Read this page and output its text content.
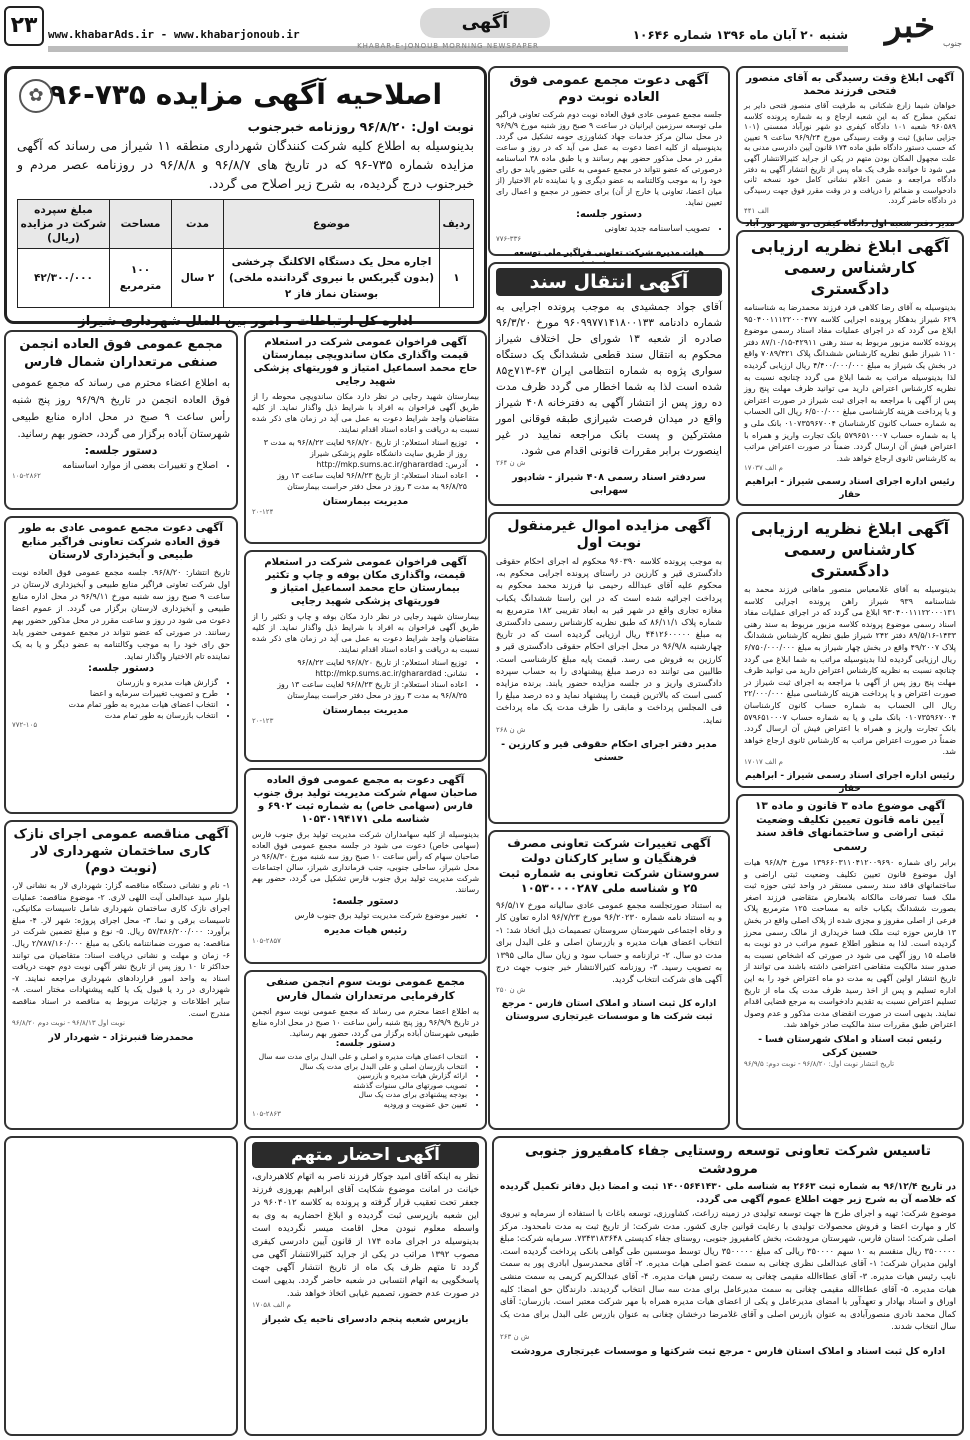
خبر جنوب
شنبه ۲۰ آبان ماه ۱۳۹۶ شماره ۱۰۶۴۶
آگهی
www.khabarAds.ir - www.khabarjonoub.ir
۲۳
KHABAR-E-JONOUB MORNING NEWSPAPER
آگهی ابلاغ وقت رسیدگی به آقای منصور فتحی فرزند محمد

خواهان شیما زارع شکنانی به طرفیت آقای منصور فتحی دایر بر تمکین مطرح که به این شعبه ارجاع و به شماره پرونده کلاسه ۹۶۰۵۸۹ شعبه ۱۰۱ دادگاه کیفری دو شهر نورآباد ممسنی (۱۰۱ جزایی سابق) ثبت و وقت رسیدگی مورخ ۹۶/۹/۲۴ ساعت ۹ تعیین که حسب دستور دادگاه طبق ماده ۱۷۴ قانون آیین دادرسی مدنی به علت مجهول المکان بودن متهم در یکی از جراید کثیرالانتشار آگهی می شود تا خوانده ظرف یک ماه پس از تاریخ انتشار آگهی به دفتر دادگاه مراجعه و ضمن اعلام نشانی کامل خود نسخه ثانی دادخواست و ضمائم را دریافت و در وقت مقرر فوق جهت رسیدگی در دادگاه حاضر گردد.

۴۴۱ الف
مدیر دفتر شعبه اول دادگاه کیفری دو شهر نور آباد
آگهی ابلاغ نظریه ارزیابی کارشناس رسمی دادگستری

بدینوسیله به آقای رضا کلاهی فرد فرزند محمدرضا به شناسنامه ۶۲۹ شیراز بدهکار پرونده اجرایی کلاسه ۹۵۰۴۰۰۱۱۱۲۲۰۰۰۴۷۷ ابلاغ می گردد که در اجرای عملیات مفاد اسناد رسمی موضوع پرونده کلاسه مزبور مربوط به سند رهنی ۴۲۹۱۱-۸۷/۱۰/۱۵ دفتر ۱۱۰ شیراز طبق نظریه کارشناس ششدانگ پلاک ۷۰۸۹/۴۲۱ واقع در بخش یک شیراز به مبلغ ۴/۴۰۰/۰۰۰/۰۰۰ ریال ارزیابی گردیده لذا بدینوسیله مراتب به شما ابلاغ می گردد چنانچه نسبت به نظریه کارشناس اعتراض دارید می توانید ظرف مهلت پنج روز پس از آگهی با مراجعه به اجرای ثبت شیراز در صورت اعتراض و یا پرداخت هزینه کارشناسی مبلغ ۶/۵۰۰/۰۰۰ ریال الی الحساب به شماره حساب کانون کارشناسان ۰۱۰۷۳۵۹۶۷۰۰۴ بانک ملی و یا به شماره حساب ۵۷۹۶۵۱۰۰۰۷ بانک تجارت واریز و همراه با اعتراض فیش آن ارسال گردد. ضمناً در صورت اعتراض مراتب به کارشناس ثانوی ارجاع خواهد شد.

۱۷۰۳۷ م الف
رئیس اداره اجرای اسناد رسمی شیراز - ابراهیم حقار
آگهی ابلاغ نظریه ارزیابی کارشناس رسمی دادگستری

بدینوسیله به آقای غلامعباس منصور ماهانی فرزند محمد به شناسنامه ۹۳۹ شیراز راهن پرونده اجرایی کلاسه ۹۳۰۴۰۰۱۱۱۲۲۰۰۰۱۳۱ ابلاغ می گردد که در اجرای عملیات مفاد اسناد رسمی موضوع پرونده کلاسه مزبور مربوط به سند رهنی ۱۴۳۳-۸۹/۵/۱۶ دفتر ۲۴۲ شیراز طبق نظریه کارشناس ششدانگ پلاک ۴۹/۲۰۰۷ واقع در بخش چهار شیراز به مبلغ ۶/۷۵۰/۰۰۰/۰۰۰ ریال ارزیابی گردیده لذا بدینوسیله مراتب به شما ابلاغ می گردد چنانچه نسبت به نظریه کارشناس اعتراض دارید می توانید ظرف مهلت پنج روز پس از آگهی با مراجعه به اجرای ثبت شیراز در صورت اعتراض و یا پرداخت هزینه کارشناسی مبلغ ۲۲/۰۰۰/۰۰۰ ریال الی الحساب به شماره حساب کانون کارشناسان ۰۱۰۷۳۵۹۶۷۰۰۴ بانک ملی و یا به شماره حساب ۵۷۹۶۵۱۰۰۰۷ بانک تجارت واریز و همراه با اعتراض فیش آن ارسال گردد. ضمناً در صورت اعتراض مراتب به کارشناس ثانوی ارجاع خواهد شد.

۱۷۰۱۷ م الف
رئیس اداره اجرای اسناد رسمی شیراز - ابراهیم حقار
آگهی موضوع ماده ۳ قانون و ماده ۱۳ آیین نامه قانون تعیین تکلیف وضعیت ثبتی اراضی و ساختمانهای فاقد سند رسمی

برابر رای شماره ۱۳۹۶۶۰۳۱۱۰۴۱۲۰۰۹۶۹۰ مورخ ۹۶/۸/۴ هیات اول موضوع قانون تعیین تکلیف وضعیت ثبتی اراضی و ساختمانهای فاقد سند رسمی مستقر در واحد ثبتی حوزه ثبت ملک فسا تصرفات مالکانه بلامعارض متقاضی فرزند اصغر بصورت ششدانگ یکباب خانه به مساحت ۱۲۵ مترمربع پلاک فرعی از اصلی مفروز و مجزی شده از پلاک اصلی واقع در بخش ۱۳ فارس حوزه ثبت ملک فسا خریداری از مالک رسمی محرز گردیده است. لذا به منظور اطلاع عموم مراتب در دو نوبت به فاصله ۱۵ روز آگهی می شود در صورتی که اشخاص نسبت به صدور سند مالکیت متقاضی اعتراضی داشته باشند می توانند از تاریخ انتشار اولین آگهی به مدت دو ماه اعتراض خود را به این اداره تسلیم و پس از اخذ رسید ظرف مدت یک ماه از تاریخ تسلیم اعتراض نسبت به تقدیم دادخواست به مرجع قضایی اقدام نمایند. بدیهی است در صورت انقضای مدت مذکور و عدم وصول اعتراض طبق مقررات سند مالکیت صادر خواهد شد.

رئیس ثبت اسناد و املاک شهرستان فسا - حسین کرکی
تاریخ انتشار نوبت اول: ۹۶/۸/۲۰ - نوبت دوم: ۹۶/۹/۵
آگهی دعوت مجمع عمومی فوق العاده نوبت دوم

جلسه مجمع عمومی عادی فوق العاده نوبت دوم شرکت تعاونی فراگیر ملی توسعه سرزمین ایرانیان در ساعت ۹ صبح روز شنبه مورخ ۹۶/۹/۹ در محل سالن مرکز خدمات جهاد کشاورزی حومه تشکیل می گردد. بدینوسیله از کلیه اعضا دعوت به عمل می آید که در روز و ساعت مقرر در محل مذکور حضور بهم رسانند و یا طبق ماده ۳۸ اساسنامه درصورتی که عضو نتواند در مجمع عمومی به علتی حضور یابد حق رای خود را به موجب وکالتنامه به عضو دیگری و یا نماینده تام الاختیار (از میان اعضا، تعاونی یا خارج از آن) برای حضور در مجمع و اعمال رای تعیین نماید.

دستور جلسه:
• تصویب اساسنامه جدید تعاونی
۷۷۶-۳۳۶
هیات مدیره شرکت تعاونی فراگیر ملی توسعه
آگهی انتقال سند

آقای جواد جمشیدی به موجب پرونده اجرایی به شماره دادنامه ۹۶۰۹۹۷۷۱۴۱۸۰۰۱۳۳ مورخ ۹۶/۳/۲۰ صادره از شعبه ۱۳ شورای حل اختلاف شیراز محکوم به انتقال سند قطعی ششدانگ یک دستگاه سواری پژوه به شماره انتظامی ایران ۶۳-۷۱۳ج۸۵ شده است لذا به شما اخطار می گردد ظرف مدت ده روز پس از انتشار آگهی به دفترخانه ۴۰۸ شیراز واقع در میدان فرصت شیرازی طبقه فوقانی امور مشترکین و پست بانک مراجعه نمایید در غیر اینصورت برابر مقررات قانونی اقدام می شود.

۲۶۴ ش ن
سردفتر اسناد رسمی ۴۰۸ شیراز - شادپور سهرابی
آگهی مزایده اموال غیرمنقول نوبت اول

به موجب پرونده کلاسه ۹۶۰۳۹۰ محکوم له اجرای احکام حقوقی دادگستری قیر و کارزین در راستای پرونده اجرایی محکوم به، محکوم علیه آقای عبدالله رحیمی نیا فرزند محمد محکوم به پرداخت اجرائیه شده است که در این راستا ششدانگ یکباب مغازه تجاری واقع در شهر قیر به ابعاد تقریبی ۱۸۲ مترمربع به شماره پلاک ۸۶/۱۱/۱ که طبق نظریه کارشناس رسمی دادگستری به مبلغ ۴۴۱۲۶۰۰۰۰۰ ریال ارزیابی گردیده است که در تاریخ چهارشنبه ۹۶/۹/۸ در محل اجرای احکام حقوقی دادگستری قیر و کارزین به فروش می رسد. قیمت پایه مبلغ کارشناسی است. طالبین می توانند ده درصد مبلغ پیشنهادی را به حساب سپرده دادگستری واریز و در جلسه مزایده حضور یابند. برنده مزایده کسی است که بالاترین قیمت را پیشنهاد نماید و ده درصد مبلغ را فی المجلس پرداخت و مابقی را ظرف مدت یک ماه پرداخت نماید.

ش ن ۲۶۸
مدیر دفتر اجرای احکام حقوقی قیر و کارزین - حسنی
آگهی تغییرات شرکت تعاونی مصرف فرهنگیان و سایر کارکنان دولت سروستان شرکت تعاونی به شماره ثبت ۲۵ و شناسه ملی ۱۰۵۳۰۰۰۰۲۸۷

به استناد صورتجلسه مجمع عمومی عادی سالیانه مورخ ۹۶/۵/۱۷ و به استناد نامه شماره ۹۶/۲۰۲۳۰ مورخ ۹۶/۷/۲۳ اداره تعاون کار و رفاه اجتماعی شهرستان سروستان تصمیمات ذیل اتخاذ شد: ۱- انتخاب اعضای هیات مدیره و بازرسان اصلی و علی البدل برای مدت دو سال. ۲- ترازنامه و حساب سود و زیان سال مالی ۱۳۹۵ به تصویب رسید. ۳- روزنامه کثیرالانتشار خبر جنوب جهت درج آگهی های شرکت انتخاب گردید.

۲۵۰ ش ن
اداره کل ثبت اسناد و املاک استان فارس - مرجع ثبت شرکت ها و موسسات غیرتجاری سروستان
✿ اصلاحیه آگهی مزایده ۷۳۵-۹۶

نوبت اول: ۹۶/۸/۲۰ روزنامه خبرجنوب

بدینوسیله به اطلاع کلیه شرکت کنندگان شهرداری منطقه ۱۱ شیراز می رساند که آگهی مزایده شماره ۷۳۵-۹۶ که در تاریخ های ۹۶/۸/۷ و ۹۶/۸/۸ در روزنامه عصر مردم و خبرجنوب درج گردیده، به شرح زیر اصلاح می گردد.

ردیف	موضوع	مدت	مساحت	مبلغ سپرده شرکت در مزایده (ریال)
۱	اجاره محل یک دستگاه الاکلنگ چرخشی (بدون گیربکس با نیروی گرداننده ملخی) بوستان نماز فاز ۲	۲ سال	۱۰۰ مترمربع	۴۲/۳۰۰/۰۰۰
اداره کل ارتباطات و امور بین الملل شهرداری شیراز
آگهی فراخوان عمومی شرکت در استعلام قیمت واگذاری مکان ساندویچی بیمارستان حاج محمد اسماعیل امتیاز و فوریتهای پزشکی شهید رجایی

بیمارستان شهید رجایی در نظر دارد مکان ساندویچی محوطه را از طریق آگهی فراخوان به افراد با شرایط ذیل واگذار نماید. از کلیه متقاضیان واجد شرایط دعوت به عمل می آید در زمان های ذکر شده نسبت به دریافت و اعاده اسناد اقدام نمایند.

• توزیع اسناد استعلام: از تاریخ ۹۶/۸/۲۰ لغایت ۹۶/۸/۲۲ به مدت ۳ روز از طریق سایت دانشگاه علوم پزشکی شیراز
• آدرس: http://mkp.sums.ac.ir/gharardad
• اعاده اسناد استعلام: از تاریخ ۹۶/۸/۲۳ لغایت ساعت ۱۳ روز ۹۶/۸/۲۵ به مدت ۳ روز در محل دفتر حراست بیمارستان
مدیریت بیمارستان
۲۰-۱۲۴
آگهی فراخوان عمومی شرکت در استعلام قیمت، واگذاری مکان بوفه و چاپ و تکثیر بیمارستان حاج محمد اسماعیل امتیاز و فوریتهای پزشکی شهید رجایی

بیمارستان شهید رجایی در نظر دارد مکان بوفه و چاپ و تکثیر را از طریق آگهی فراخوان به افراد با شرایط ذیل واگذار نماید. از کلیه متقاضیان واجد شرایط دعوت به عمل می آید در زمان های ذکر شده نسبت به دریافت و اعاده اسناد اقدام نمایند.

• توزیع اسناد استعلام: از تاریخ ۹۶/۸/۲۰ لغایت ۹۶/۸/۲۲
• نشانی: http://mkp.sums.ac.ir/gharardad
• اعاده اسناد استعلام: از تاریخ ۹۶/۸/۲۳ لغایت ساعت ۱۳ روز ۹۶/۸/۲۵ به مدت ۳ روز در محل دفتر حراست بیمارستان
مدیریت بیمارستان
۲۰-۱۲۳
آگهی دعوت به مجمع عمومی فوق العاده صاحبان سهام شرکت مدیریت تولید برق جنوب فارس (سهامی خاص) به شماره ثبت ۶۹۰۲ و شناسه ملی ۱۰۵۳۰۱۹۴۱۷۱

بدینوسیله از کلیه سهامداران شرکت مدیریت تولید برق جنوب فارس (سهامی خاص) دعوت می شود در جلسه مجمع عمومی فوق العاده صاحبان سهام که رأس ساعت ۱۰ صبح روز سه شنبه مورخ ۹۶/۸/۳۰ در محل شیراز، ساحلی جنوبی، جنب فرمانداری شیراز، سالن اجتماعات شرکت مدیریت تولید برق جنوب فارس تشکیل می گردد، حضور بهم رسانند.

دستور جلسه:
• تغییر موضوع شرکت مدیریت تولید برق جنوب فارس
رئیس هیات مدیره
۱۰۵-۲۸۵۷
مجمع عمومی نوبت سوم انجمن صنفی کارفرمایی مرتعداران شمال فارس

به اطلاع اعضا محترم می رساند که مجمع عمومی نوبت سوم انجمن در تاریخ ۹۶/۹/۹ روز پنج شنبه رأس ساعت ۱۰ صبح در محل اداره منابع طبیعی شهرستان آباده برگزار می گردد، حضور بهم رسانید.

دستور جلسه:
• انتخاب اعضای هیات مدیره و اصلی و علی البدل برای مدت سه سال
• انتخاب بازرسان اصلی و علی البدل برای مدت یک سال
• ارائه گزارش هیات مدیره و بازرسین
• تصویب صورتهای مالی سنوات گذشته
• بودجه پیشنهادی برای مدت یک سال
• تعیین حق عضویت و ورودیه
۱۰۵-۲۸۶۳
مجمع عمومی فوق العاده انجمن صنفی مرتعداران شمال فارس

به اطلاع اعضاء محترم می رساند که مجمع عمومی فوق العاده انجمن در تاریخ ۹۶/۹/۹ روز پنج شنبه رأس ساعت ۹ صبح در محل اداره منابع طبیعی شهرستان آباده برگزار می گردد، حضور بهم رسانید.

دستور جلسه:
• اصلاح و تغییرات بعضی از موارد اساسنامه
۱۰۵-۲۸۶۲
آگهی دعوت مجمع عمومی عادی به طور فوق العاده شرکت تعاونی فراگیر منابع طبیعی و آبخیزداری لارستان

تاریخ انتشار: ۹۶/۸/۲۰. جلسه مجمع عمومی فوق العاده نوبت اول شرکت تعاونی فراگیر منابع طبیعی و آبخیزداری لارستان در ساعت ۹ صبح روز سه شنبه مورخ ۹۶/۹/۱۱ در محل اداره منابع طبیعی و آبخیزداری لارستان برگزار می گردد. از عموم اعضا دعوت می شود در روز و ساعت مقرر در محل مذکور حضور بهم رسانند. در صورتی که عضو نتواند در مجمع عمومی حضور یابد حق رای خود را به موجب وکالتنامه به عضو دیگر و یا به یک نماینده تام الاختیار واگذار نماید.

دستور جلسه:
• گزارش هیات مدیره و بازرسان
• طرح و تصویب تغییرات سرمایه و اعضا
• انتخاب اعضای هیات مدیره به طور تمام مدت
• انتخاب بازرسان به طور تمام مدت
۷۷۲-۱۰۵
آگهی مناقصه عمومی اجرای نازک کاری ساختمان شهرداری لار (نوبت دوم)

۱- نام و نشانی دستگاه مناقصه گزار: شهرداری لار به نشانی لار، بلوار سید عبدالعلی آیت اللهی لاری. ۲- موضوع مناقصه: عملیات اجرای نازک کاری ساختمان شهرداری شامل تاسیسات مکانیکی، تاسیسات برقی و نما. ۳- محل اجرای پروژه: شهر لار. ۴- مبلغ برآورد: ۵۷/۳۸۶/۲۰۰/۰۰۰ ریال. ۵- نوع و مبلغ تضمین شرکت در مناقصه: به صورت ضمانتنامه بانکی به مبلغ ۲/۷۸۷/۱۶۰/۰۰۰ ریال. ۶- زمان و مهلت و نشانی دریافت اسناد: متقاضیان می توانند حداکثر تا ۱۰ روز پس از تاریخ نشر آگهی نوبت دوم جهت دریافت اسناد به واحد امور قراردادهای شهرداری مراجعه نمایند. ۷- شهرداری در رد یا قبول یک یا کلیه پیشنهادات مختار است. ۸- سایر اطلاعات و جزئیات مربوط به مناقصه در اسناد مناقصه مندرج است.

نوبت اول ۹۶/۸/۱۳ - نوبت دوم ۹۶/۸/۲۰
محمدرضا قنبرنژاد - شهردار لار
آگهی احضار متهم

نظر به اینکه آقای امید جوکار فرزند ناصر به اتهام کلاهبرداری، خیانت در امانت موضوع شکایت آقای ابراهیم بهروزی فرزند جعفر تحت تعقیب قرار گرفته و پرونده به کلاسه ۹۶۰۴۰۱۲ در این شعبه بازپرسی ثبت گردیده و ابلاغ احضاریه به وی به واسطه معلوم نبودن محل اقامت میسر نگردیده است بدینوسیله در اجرای ماده ۱۷۴ از قانون آیین دادرسی کیفری مصوب ۱۳۹۲ مراتب در یکی از جراید کثیرالانتشار آگهی می گردد تا متهم ظرف یک ماه از تاریخ انتشار آگهی جهت پاسخگویی به اتهام انتسابی در شعبه حاضر گردد. بدیهی است در صورت عدم حضور، تصمیم غیابی اتخاذ خواهد شد.

۱۷۰۵۸ م الف
بازپرس شعبه پنجم دادسرای ناحیه یک شیراز
تاسیس شرکت تعاونی توسعه روستایی جفاء کامفیروز جنوبی مرودشت

در تاریخ ۹۶/۱۲/۴ به شماره ثبت ۲۶۶۳ به شناسه ملی ۱۴۰۰۵۶۴۱۴۳۰ ثبت و امضا ذیل دفاتر تکمیل گردیده که خلاصه آن به شرح زیر جهت اطلاع عموم آگهی می گردد.

موضوع شرکت: تهیه و اجرای طرح ها جهت توسعه تولیدی در زمینه زراعت، کشاورزی، توسعه باغات با استفاده از سرمایه و نیروی کار و مهارت اعضا و فروش محصولات تولیدی با رعایت قوانین جاری کشور. مدت شرکت: از تاریخ ثبت به مدت نامحدود. مرکز اصلی شرکت: استان فارس، شهرستان مرودشت، بخش کامفیروز جنوبی، روستای جفاء کدپستی ۷۳۴۳۱۸۳۶۴۸. سرمایه شرکت: مبلغ ۳۵۰۰۰۰۰ ریال منقسم به ۱۰ سهم ۳۵۰۰۰۰ ریالی که مبلغ ۳۵۰۰۰۰۰ ریال توسط موسسین طی گواهی بانکی پرداخت گردیده است. اولین مدیران شرکت: ۱- آقای عبدالعلی نظری چغانی به سمت عضو اصلی هیات مدیره. ۲- آقای محمدرسول ابادری پور به سمت نایب رئیس هیات مدیره. ۳- آقای عطاءالله مقیمی چغانی به سمت رئیس هیات مدیره. ۴- آقای عبدالکریم کریمی به سمت منشی هیات مدیره. ۵- آقای عطاءالله مقیمی چغانی به سمت مدیرعامل برای مدت سه سال انتخاب گردیدند. دارندگان حق امضا: کلیه اوراق و اسناد بهادار و تعهدآور با امضای مدیرعامل و یکی از اعضای هیات مدیره همراه با مهر شرکت معتبر است. بازرسان: آقای کمال محمد نادری منصورآبادی به عنوان بازرس اصلی و آقای غلامرضا درخشان چغانی به عنوان بازرس علی البدل برای مدت یک سال انتخاب شدند.

ش ن ۲۶۳
اداره کل ثبت اسناد و املاک استان فارس - مرجع ثبت شرکتها و موسسات غیرتجاری مرودشت
